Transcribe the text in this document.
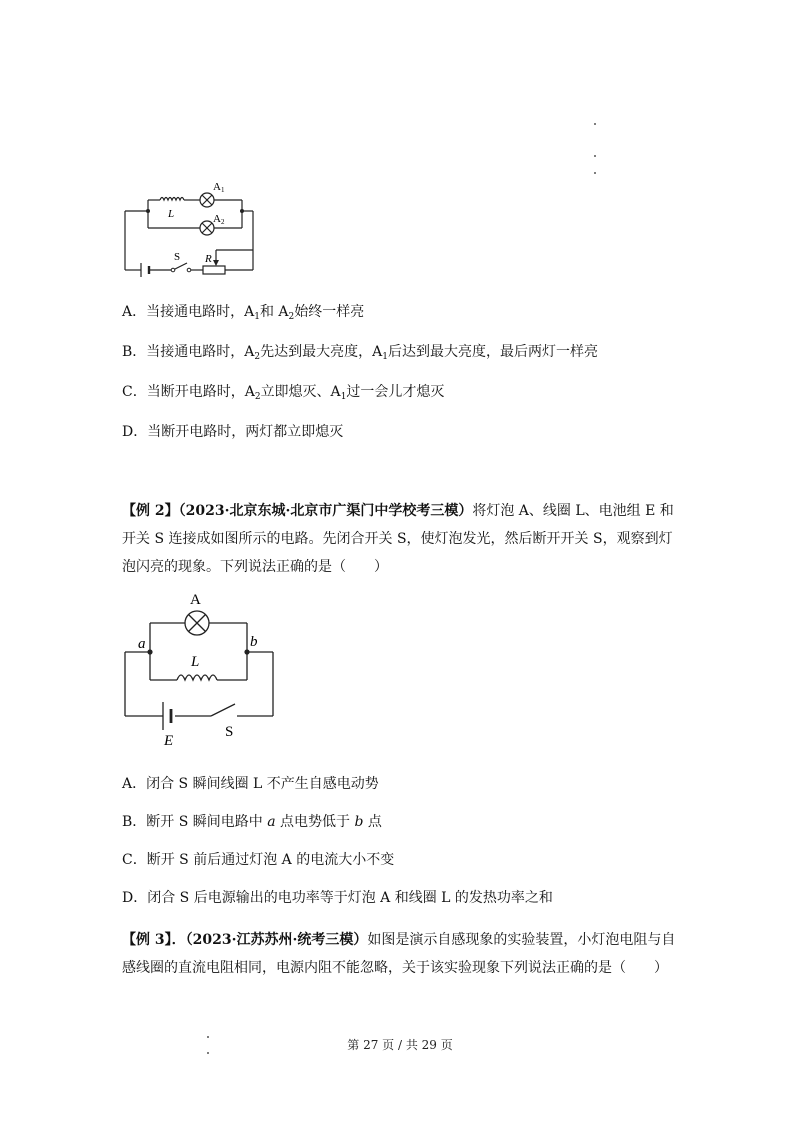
L
A1
A2
S R
A．当接通电路时，$A_1$和 $A_2$始终一样亮
B．当接通电路时，$A_2$先达到最大亮度，$A_1$后达到最大亮度，最后两灯一样亮
C．当断开电路时，$A_2$立即熄灭、$A_1$过一会儿才熄灭
D．当断开电路时，两灯都立即熄灭
【例 2】（2023·北京东城·北京市广渠门中学校考三模）将灯泡 A、线圈 L、电池组 E 和开关 S 连接成如图所示的电路。先闭合开关 S，使灯泡发光，然后断开开关 S，观察到灯泡闪亮的现象。下列说法正确的是（　　）
A
a	b
L
E
S
A．闭合 S 瞬间线圈 L 不产生自感电动势
B．断开 S 瞬间电路中 a 点电势低于 b 点
C．断开 S 前后通过灯泡 A 的电流大小不变
D．闭合 S 后电源输出的电功率等于灯泡 A 和线圈 L 的发热功率之和
【例 3】．（2023·江苏苏州·统考三模）如图是演示自感现象的实验装置，小灯泡电阻与自感线圈的直流电阻相同，电源内阻不能忽略，关于该实验现象下列说法正确的是（　　）
第 27 页 / 共 29 页
